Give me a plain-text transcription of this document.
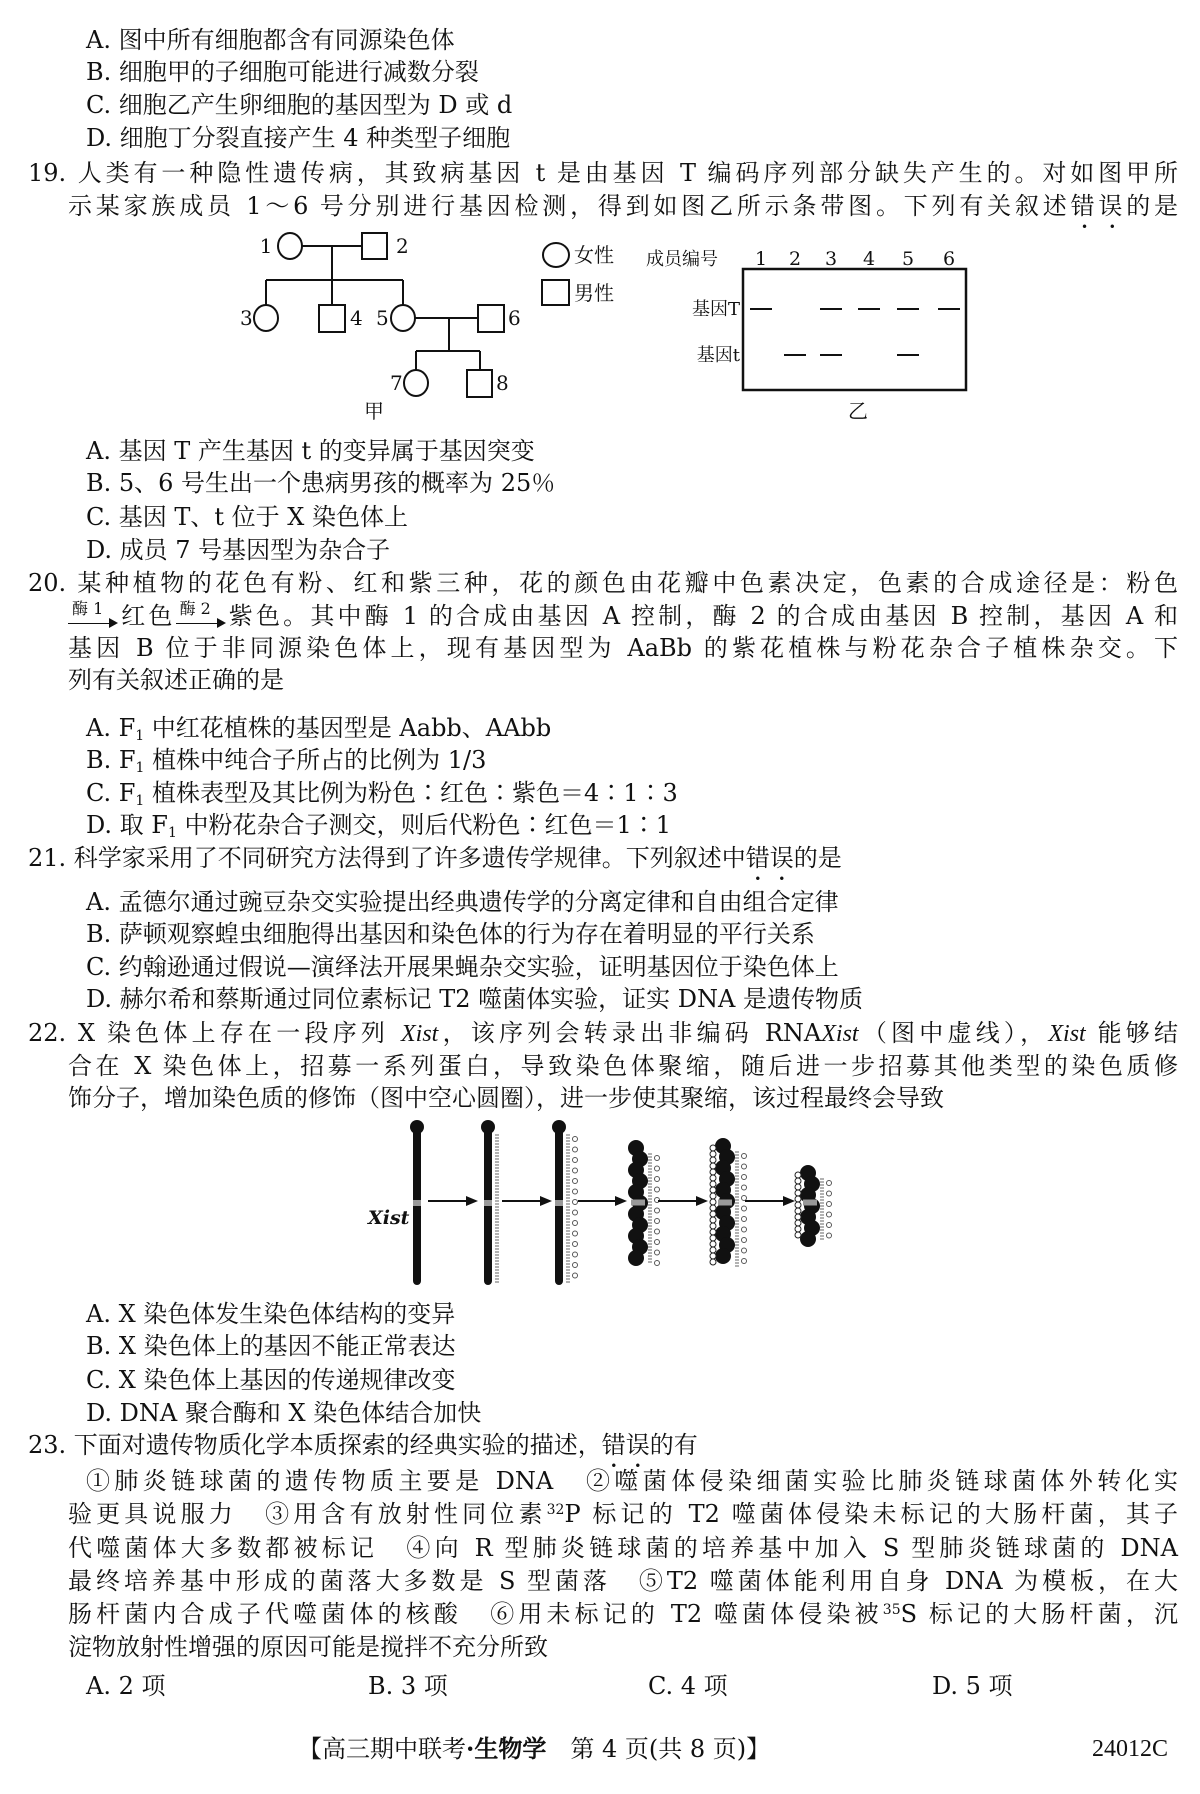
A. 图中所有细胞都含有同源染色体
B. 细胞甲的子细胞可能进行减数分裂
C. 细胞乙产生卵细胞的基因型为 D 或 d
D. 细胞丁分裂直接产生 4 种类型子细胞
19. 人类有一种隐性遗传病，其致病基因 t 是由基因 T 编码序列部分缺失产生的。对如图甲所
示某家族成员 1～6 号分别进行基因检测，得到如图乙所示条带图。下列有关叙述错误的是
A. 基因 T 产生基因 t 的变异属于基因突变
B. 5、6 号生出一个患病男孩的概率为 25％
C. 基因 T、t 位于 X 染色体上
D. 成员 7 号基因型为杂合子
20. 某种植物的花色有粉、红和紫三种，花的颜色由花瓣中色素决定，色素的合成途径是：粉色
酶 1 红色 酶 2 紫色。其中酶 1 的合成由基因 A 控制，酶 2 的合成由基因 B 控制，基因 A 和
基因 B 位于非同源染色体上，现有基因型为 AaBb 的紫花植株与粉花杂合子植株杂交。下
列有关叙述正确的是
A. $F_1$ 中红花植株的基因型是 Aabb、AAbb
B. $F_1$ 植株中纯合子所占的比例为 1/3
C. $F_1$ 植株表型及其比例为粉色∶红色∶紫色＝4∶1∶3
D. 取 $F_1$ 中粉花杂合子测交，则后代粉色∶红色＝1∶1
21. 科学家采用了不同研究方法得到了许多遗传学规律。下列叙述中错误的是
A. 孟德尔通过豌豆杂交实验提出经典遗传学的分离定律和自由组合定律
B. 萨顿观察蝗虫细胞得出基因和染色体的行为存在着明显的平行关系
C. 约翰逊通过假说—演绎法开展果蝇杂交实验，证明基因位于染色体上
D. 赫尔希和蔡斯通过同位素标记 T2 噬菌体实验，证实 DNA 是遗传物质
22. X 染色体上存在一段序列 Xist，该序列会转录出非编码 RNAXist（图中虚线），Xist 能够结
合在 X 染色体上，招募一系列蛋白，导致染色体聚缩，随后进一步招募其他类型的染色质修
饰分子，增加染色质的修饰（图中空心圆圈），进一步使其聚缩，该过程最终会导致
A. X 染色体发生染色体结构的变异
B. X 染色体上的基因不能正常表达
C. X 染色体上基因的传递规律改变
D. DNA 聚合酶和 X 染色体结合加快
23. 下面对遗传物质化学本质探索的经典实验的描述，错误的有
①肺炎链球菌的遗传物质主要是 DNA　②噬菌体侵染细菌实验比肺炎链球菌体外转化实
验更具说服力　③用含有放射性同位素$^{32}$P 标记的 T2 噬菌体侵染未标记的大肠杆菌，其子
代噬菌体大多数都被标记　④向 R 型肺炎链球菌的培养基中加入 S 型肺炎链球菌的 DNA
最终培养基中形成的菌落大多数是 S 型菌落　⑤T2 噬菌体能利用自身 DNA 为模板，在大
肠杆菌内合成子代噬菌体的核酸　⑥用未标记的 T2 噬菌体侵染被$^{35}$S 标记的大肠杆菌，沉
淀物放射性增强的原因可能是搅拌不充分所致
1	2
3	4 5	6
7	8
甲
女性
男性
成员编号
基因T
基因t
乙
1 2 3 4 5 6
Xist
A. 2 项	B. 3 项	C. 4 项	D. 5 项
【高三期中联考·生物学　 第 4 页(共 8 页)】	24012C
